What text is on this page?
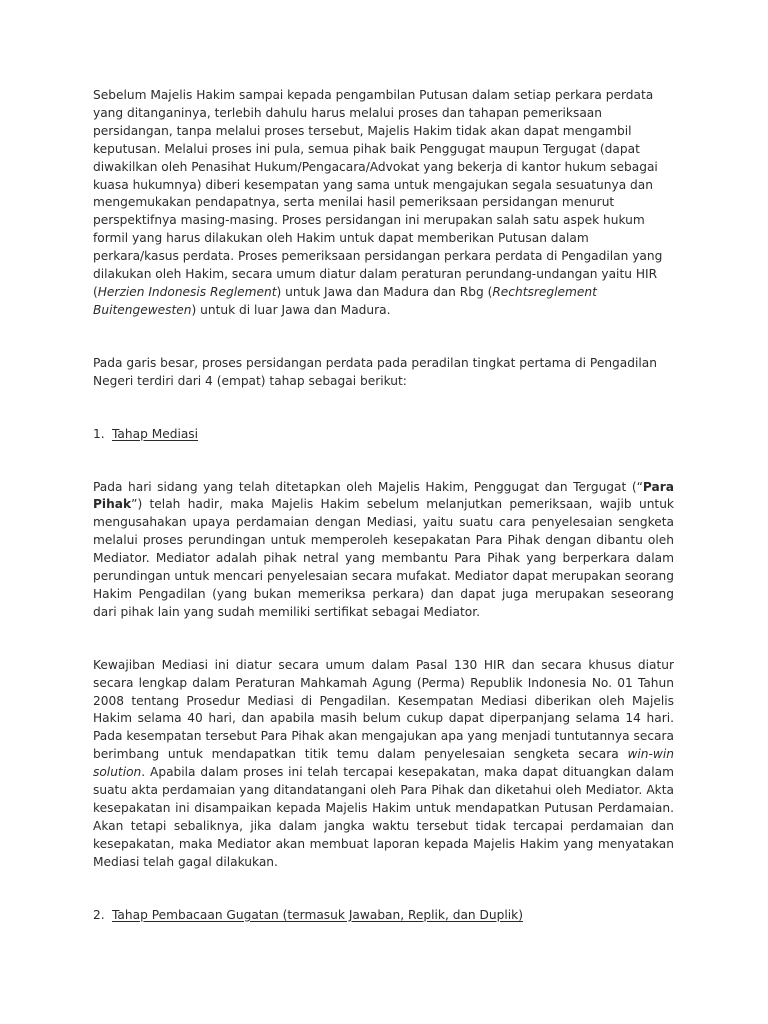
Sebelum Majelis Hakim sampai kepada pengambilan Putusan dalam setiap perkara perdata yang ditanganinya, terlebih dahulu harus melalui proses dan tahapan pemeriksaan persidangan, tanpa melalui proses tersebut, Majelis Hakim tidak akan dapat mengambil keputusan. Melalui proses ini pula, semua pihak baik Penggugat maupun Tergugat (dapat diwakilkan oleh Penasihat Hukum/Pengacara/Advokat yang bekerja di kantor hukum sebagai kuasa hukumnya) diberi kesempatan yang sama untuk mengajukan segala sesuatunya dan mengemukakan pendapatnya, serta menilai hasil pemeriksaan persidangan menurut perspektifnya masing-masing. Proses persidangan ini merupakan salah satu aspek hukum formil yang harus dilakukan oleh Hakim untuk dapat memberikan Putusan dalam perkara/kasus perdata. Proses pemeriksaan persidangan perkara perdata di Pengadilan yang dilakukan oleh Hakim, secara umum diatur dalam peraturan perundang-undangan yaitu HIR (Herzien Indonesis Reglement) untuk Jawa dan Madura dan Rbg (Rechtsreglement Buitengewesten) untuk di luar Jawa dan Madura.

Pada garis besar, proses persidangan perdata pada peradilan tingkat pertama di Pengadilan Negeri terdiri dari 4 (empat) tahap sebagai berikut:

1. Tahap Mediasi

Pada hari sidang yang telah ditetapkan oleh Majelis Hakim, Penggugat dan Tergugat (“Para Pihak”) telah hadir, maka Majelis Hakim sebelum melanjutkan pemeriksaan, wajib untuk mengusahakan upaya perdamaian dengan Mediasi, yaitu suatu cara penyelesaian sengketa melalui proses perundingan untuk memperoleh kesepakatan Para Pihak dengan dibantu oleh Mediator. Mediator adalah pihak netral yang membantu Para Pihak yang berperkara dalam perundingan untuk mencari penyelesaian secara mufakat. Mediator dapat merupakan seorang Hakim Pengadilan (yang bukan memeriksa perkara) dan dapat juga merupakan seseorang dari pihak lain yang sudah memiliki sertifikat sebagai Mediator.

Kewajiban Mediasi ini diatur secara umum dalam Pasal 130 HIR dan secara khusus diatur secara lengkap dalam Peraturan Mahkamah Agung (Perma) Republik Indonesia No. 01 Tahun 2008 tentang Prosedur Mediasi di Pengadilan. Kesempatan Mediasi diberikan oleh Majelis Hakim selama 40 hari, dan apabila masih belum cukup dapat diperpanjang selama 14 hari. Pada kesempatan tersebut Para Pihak akan mengajukan apa yang menjadi tuntutannya secara berimbang untuk mendapatkan titik temu dalam penyelesaian sengketa secara win-win solution. Apabila dalam proses ini telah tercapai kesepakatan, maka dapat dituangkan dalam suatu akta perdamaian yang ditandatangani oleh Para Pihak dan diketahui oleh Mediator. Akta kesepakatan ini disampaikan kepada Majelis Hakim untuk mendapatkan Putusan Perdamaian. Akan tetapi sebaliknya, jika dalam jangka waktu tersebut tidak tercapai perdamaian dan kesepakatan, maka Mediator akan membuat laporan kepada Majelis Hakim yang menyatakan Mediasi telah gagal dilakukan.

2. Tahap Pembacaan Gugatan (termasuk Jawaban, Replik, dan Duplik)
